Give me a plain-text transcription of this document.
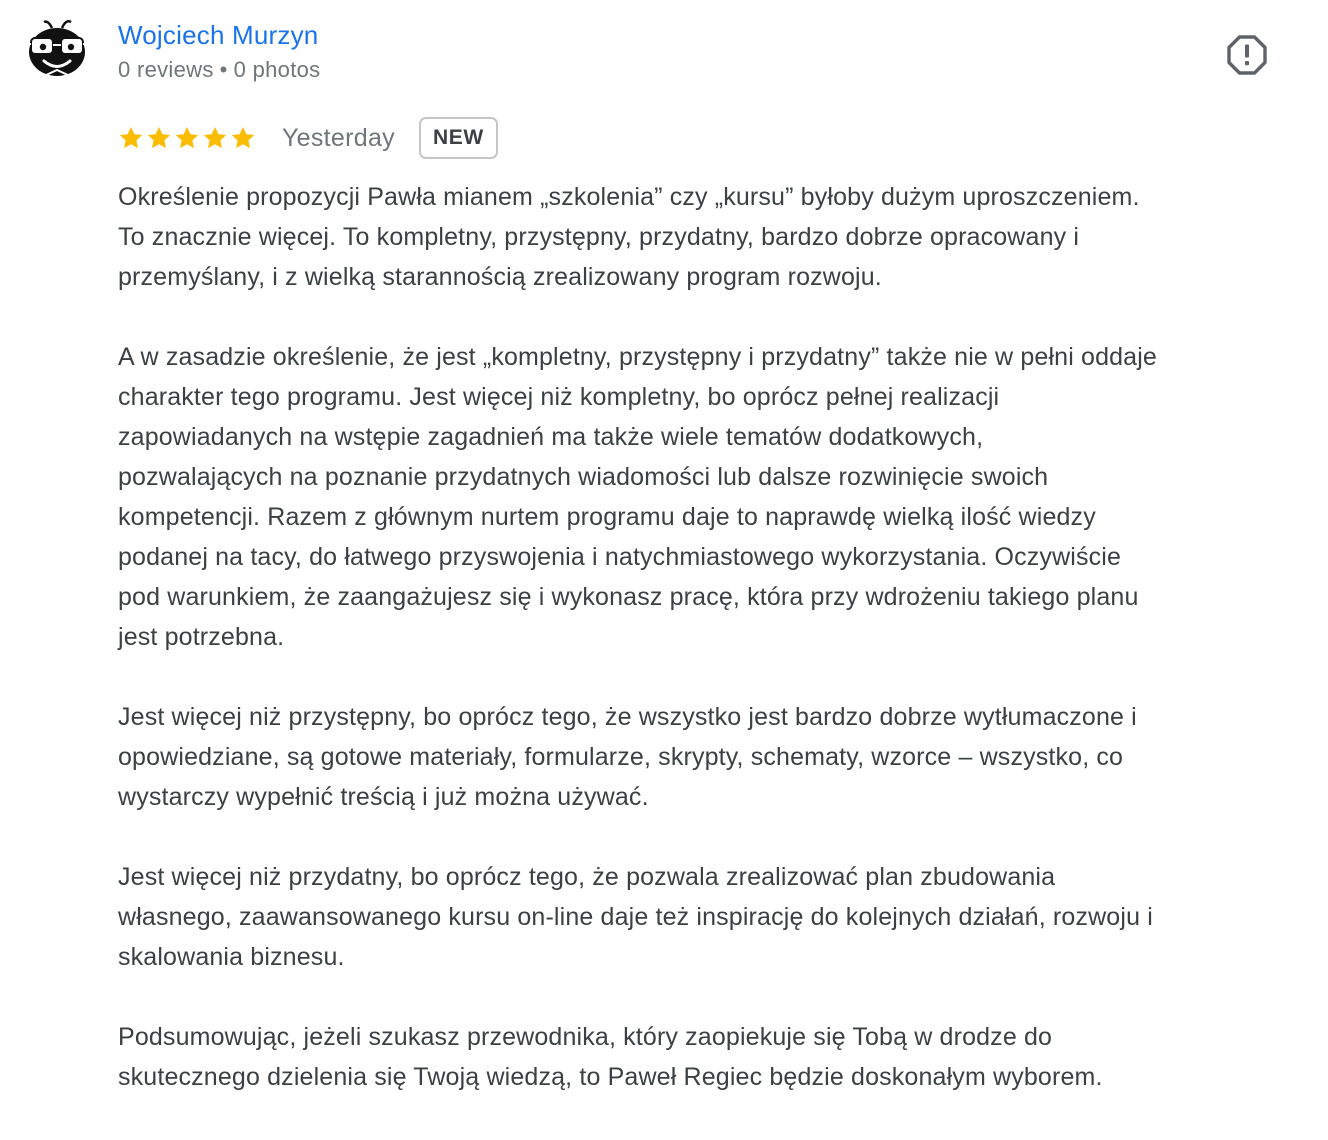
Wojciech Murzyn
0 reviews • 0 photos
Yesterday	NEW

Określenie propozycji Pawła mianem „szkolenia” czy „kursu” byłoby dużym uproszczeniem.
To znacznie więcej. To kompletny, przystępny, przydatny, bardzo dobrze opracowany i
przemyślany, i z wielką starannością zrealizowany program rozwoju.

A w zasadzie określenie, że jest „kompletny, przystępny i przydatny” także nie w pełni oddaje
charakter tego programu. Jest więcej niż kompletny, bo oprócz pełnej realizacji
zapowiadanych na wstępie zagadnień ma także wiele tematów dodatkowych,
pozwalających na poznanie przydatnych wiadomości lub dalsze rozwinięcie swoich
kompetencji. Razem z głównym nurtem programu daje to naprawdę wielką ilość wiedzy
podanej na tacy, do łatwego przyswojenia i natychmiastowego wykorzystania. Oczywiście
pod warunkiem, że zaangażujesz się i wykonasz pracę, która przy wdrożeniu takiego planu
jest potrzebna.

Jest więcej niż przystępny, bo oprócz tego, że wszystko jest bardzo dobrze wytłumaczone i
opowiedziane, są gotowe materiały, formularze, skrypty, schematy, wzorce – wszystko, co
wystarczy wypełnić treścią i już można używać.

Jest więcej niż przydatny, bo oprócz tego, że pozwala zrealizować plan zbudowania
własnego, zaawansowanego kursu on-line daje też inspirację do kolejnych działań, rozwoju i
skalowania biznesu.

Podsumowując, jeżeli szukasz przewodnika, który zaopiekuje się Tobą w drodze do
skutecznego dzielenia się Twoją wiedzą, to Paweł Regiec będzie doskonałym wyborem.
